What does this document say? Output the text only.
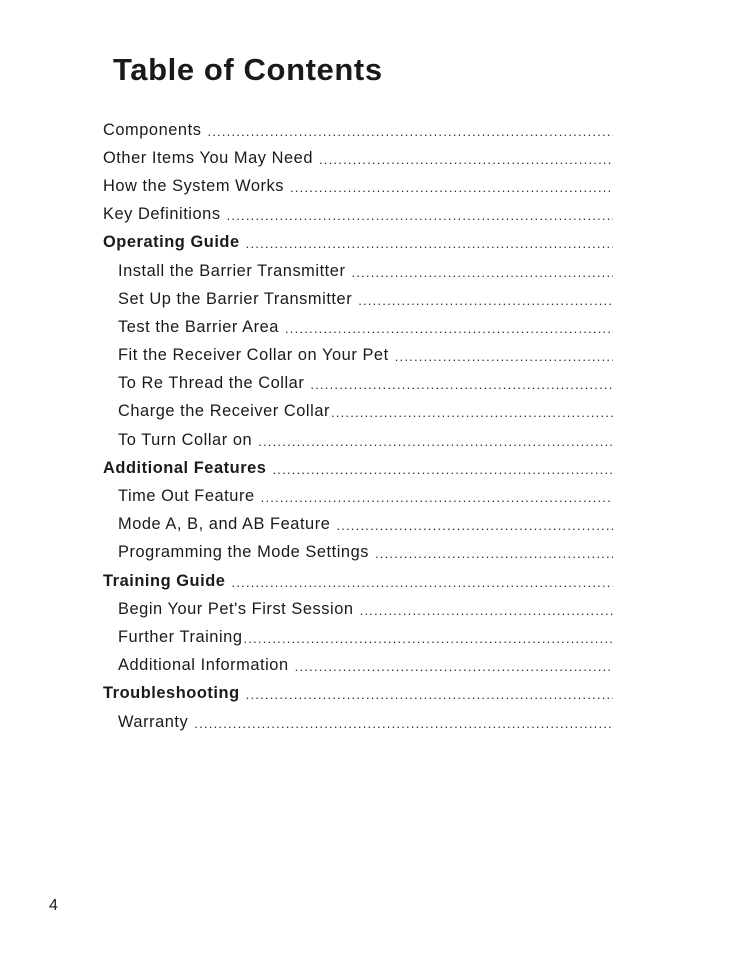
Table of Contents
Components
.....
Other Items You May Need
.....
How the System Works
.....
Key Definitions
.....
Operating Guide
.....
Install the Barrier Transmitter
.....
Set Up the Barrier Transmitter
.....
Test the Barrier Area
.....
Fit the Receiver Collar on Your Pet
.....
To Re Thread the Collar
.....
Charge the Receiver Collar
.....
To Turn Collar on
.....
Additional Features
.....
Time Out Feature
.....
Mode A, B, and AB Feature
.....
Programming the Mode Settings
.....
Training Guide
.....
Begin Your Pet's First Session
.....
Further Training
.....
Additional Information
.....
Troubleshooting
.....
Warranty
.....
4
